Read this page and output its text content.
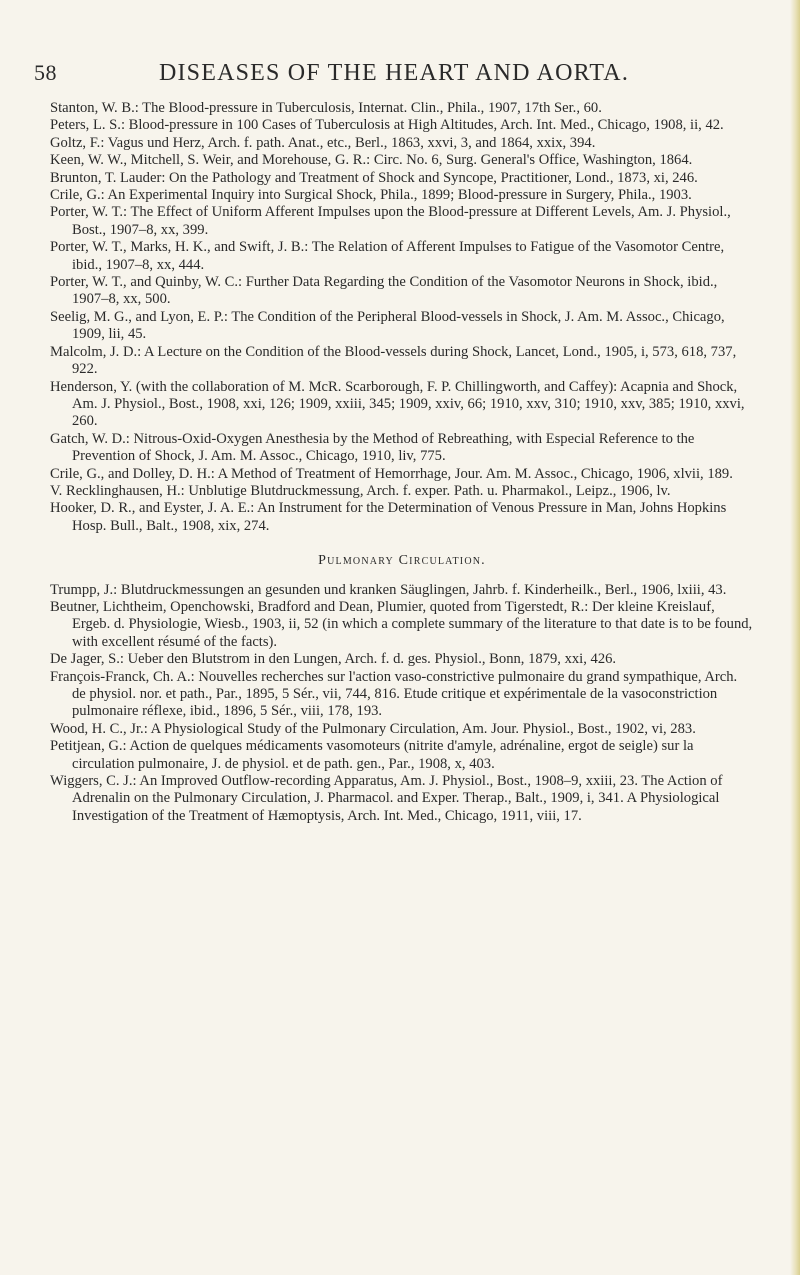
58	DISEASES OF THE HEART AND AORTA.

Stanton, W. B.: The Blood-pressure in Tuberculosis, Internat. Clin., Phila., 1907, 17th Ser., 60.

Peters, L. S.: Blood-pressure in 100 Cases of Tuberculosis at High Altitudes, Arch. Int. Med., Chicago, 1908, ii, 42.

Goltz, F.: Vagus und Herz, Arch. f. path. Anat., etc., Berl., 1863, xxvi, 3, and 1864, xxix, 394.

Keen, W. W., Mitchell, S. Weir, and Morehouse, G. R.: Circ. No. 6, Surg. General's Office, Washington, 1864.

Brunton, T. Lauder: On the Pathology and Treatment of Shock and Syncope, Practitioner, Lond., 1873, xi, 246.

Crile, G.: An Experimental Inquiry into Surgical Shock, Phila., 1899; Blood-pressure in Surgery, Phila., 1903.

Porter, W. T.: The Effect of Uniform Afferent Impulses upon the Blood-pressure at Different Levels, Am. J. Physiol., Bost., 1907–8, xx, 399.

Porter, W. T., Marks, H. K., and Swift, J. B.: The Relation of Afferent Impulses to Fatigue of the Vasomotor Centre, ibid., 1907–8, xx, 444.

Porter, W. T., and Quinby, W. C.: Further Data Regarding the Condition of the Vasomotor Neurons in Shock, ibid., 1907–8, xx, 500.

Seelig, M. G., and Lyon, E. P.: The Condition of the Peripheral Blood-vessels in Shock, J. Am. M. Assoc., Chicago, 1909, lii, 45.

Malcolm, J. D.: A Lecture on the Condition of the Blood-vessels during Shock, Lancet, Lond., 1905, i, 573, 618, 737, 922.

Henderson, Y. (with the collaboration of M. McR. Scarborough, F. P. Chillingworth, and Caffey): Acapnia and Shock, Am. J. Physiol., Bost., 1908, xxi, 126; 1909, xxiii, 345; 1909, xxiv, 66; 1910, xxv, 310; 1910, xxv, 385; 1910, xxvi, 260.

Gatch, W. D.: Nitrous-Oxid-Oxygen Anesthesia by the Method of Rebreathing, with Especial Reference to the Prevention of Shock, J. Am. M. Assoc., Chicago, 1910, liv, 775.

Crile, G., and Dolley, D. H.: A Method of Treatment of Hemorrhage, Jour. Am. M. Assoc., Chicago, 1906, xlvii, 189.

V. Recklinghausen, H.: Unblutige Blutdruckmessung, Arch. f. exper. Path. u. Pharmakol., Leipz., 1906, lv.

Hooker, D. R., and Eyster, J. A. E.: An Instrument for the Determination of Venous Pressure in Man, Johns Hopkins Hosp. Bull., Balt., 1908, xix, 274.

Pulmonary Circulation.

Trumpp, J.: Blutdruckmessungen an gesunden und kranken Säuglingen, Jahrb. f. Kinderheilk., Berl., 1906, lxiii, 43.

Beutner, Lichtheim, Openchowski, Bradford and Dean, Plumier, quoted from Tigerstedt, R.: Der kleine Kreislauf, Ergeb. d. Physiologie, Wiesb., 1903, ii, 52 (in which a complete summary of the literature to that date is to be found, with excellent résumé of the facts).

De Jager, S.: Ueber den Blutstrom in den Lungen, Arch. f. d. ges. Physiol., Bonn, 1879, xxi, 426.

François-Franck, Ch. A.: Nouvelles recherches sur l'action vaso-constrictive pulmonaire du grand sympathique, Arch. de physiol. nor. et path., Par., 1895, 5 Sér., vii, 744, 816. Etude critique et expérimentale de la vasoconstriction pulmonaire réflexe, ibid., 1896, 5 Sér., viii, 178, 193.

Wood, H. C., Jr.: A Physiological Study of the Pulmonary Circulation, Am. Jour. Physiol., Bost., 1902, vi, 283.

Petitjean, G.: Action de quelques médicaments vasomoteurs (nitrite d'amyle, adrénaline, ergot de seigle) sur la circulation pulmonaire, J. de physiol. et de path. gen., Par., 1908, x, 403.

Wiggers, C. J.: An Improved Outflow-recording Apparatus, Am. J. Physiol., Bost., 1908–9, xxiii, 23. The Action of Adrenalin on the Pulmonary Circulation, J. Pharmacol. and Exper. Therap., Balt., 1909, i, 341. A Physiological Investigation of the Treatment of Hæmoptysis, Arch. Int. Med., Chicago, 1911, viii, 17.
